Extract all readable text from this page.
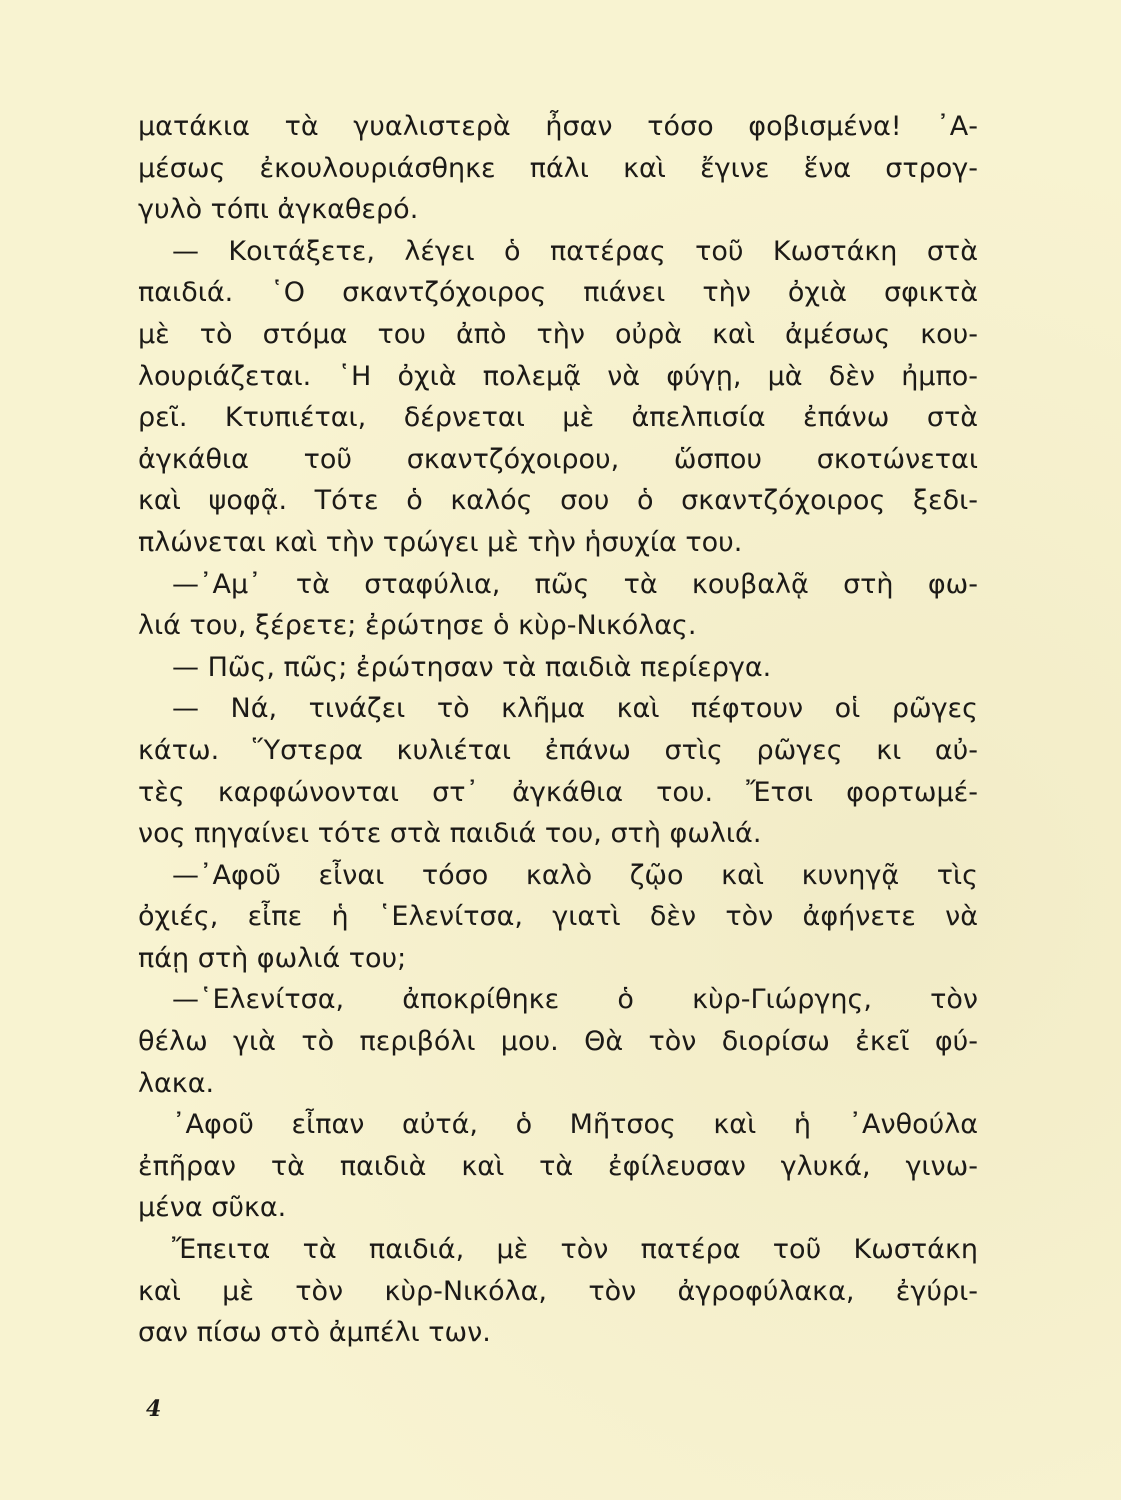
ματάκια τὰ γυαλιστερὰ ἦσαν τόσο φοβισμένα! ᾿Α-
μέσως ἐκουλουριάσθηκε πάλι καὶ ἔγινε ἕνα στρογ-
γυλὸ τόπι ἀγκαθερό.
— Κοιτάξετε, λέγει ὁ πατέρας τοῦ Κωστάκη στὰ
παιδιά. ῾Ο σκαντζόχοιρος πιάνει τὴν ὀχιὰ σφικτὰ
μὲ τὸ στόμα του ἀπὸ τὴν οὐρὰ καὶ ἀμέσως κου-
λουριάζεται. ῾Η ὀχιὰ πολεμᾷ νὰ φύγῃ, μὰ δὲν ἠμπο-
ρεῖ. Κτυπιέται, δέρνεται μὲ ἀπελπισία ἐπάνω στὰ
ἀγκάθια τοῦ σκαντζόχοιρου, ὥσπου σκοτώνεται
καὶ ψοφᾷ. Τότε ὁ καλός σου ὁ σκαντζόχοιρος ξεδι-
πλώνεται καὶ τὴν τρώγει μὲ τὴν ἡσυχία του.
—᾿Αμ᾿ τὰ σταφύλια, πῶς τὰ κουβαλᾷ στὴ φω-
λιά του, ξέρετε; ἐρώτησε ὁ κὺρ-Νικόλας.
— Πῶς, πῶς; ἐρώτησαν τὰ παιδιὰ περίεργα.
— Νά, τινάζει τὸ κλῆμα καὶ πέφτουν οἱ ρῶγες
κάτω. Ὕστερα κυλιέται ἐπάνω στὶς ρῶγες κι αὐ-
τὲς καρφώνονται στ᾿ ἀγκάθια του. Ἔτσι φορτωμέ-
νος πηγαίνει τότε στὰ παιδιά του, στὴ φωλιά.
—᾿Αφοῦ εἶναι τόσο καλὸ ζῷο καὶ κυνηγᾷ τὶς
ὀχιές, εἶπε ἡ ῾Ελενίτσα, γιατὶ δὲν τὸν ἀφήνετε νὰ
πάῃ στὴ φωλιά του;
—῾Ελενίτσα, ἀποκρίθηκε ὁ κὺρ-Γιώργης, τὸν
θέλω γιὰ τὸ περιβόλι μου. Θὰ τὸν διορίσω ἐκεῖ φύ-
λακα.
᾿Αφοῦ εἶπαν αὐτά, ὁ Μῆτσος καὶ ἡ ᾿Ανθούλα
ἐπῆραν τὰ παιδιὰ καὶ τὰ ἐφίλευσαν γλυκά, γινω-
μένα σῦκα.
Ἔπειτα τὰ παιδιά, μὲ τὸν πατέρα τοῦ Κωστάκη
καὶ μὲ τὸν κὺρ-Νικόλα, τὸν ἀγροφύλακα, ἐγύρι-
σαν πίσω στὸ ἀμπέλι των.
4
